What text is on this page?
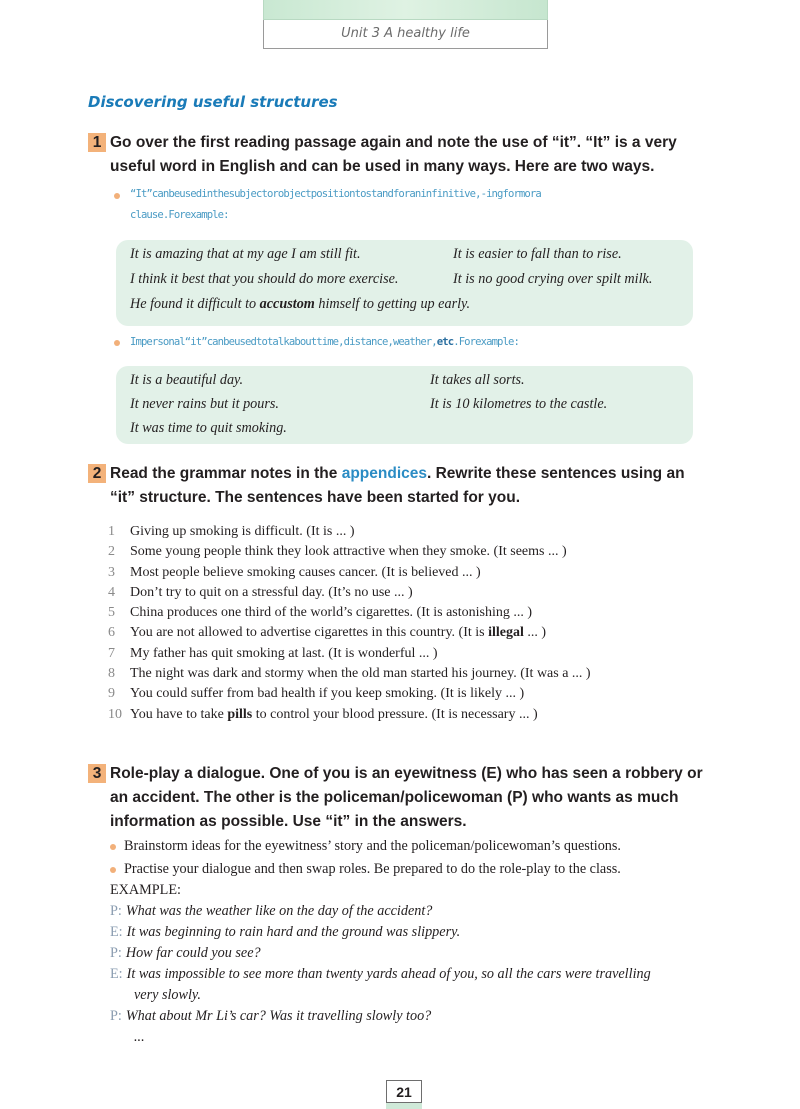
Unit 3 A healthy life
Discovering useful structures
1 Go over the first reading passage again and note the use of “it”. “It” is a very
useful word in English and can be used in many ways. Here are two ways.
“It”canbeusedinthesubjectorobjectpositiontostandforaninfinitive,-ingformora
clause.Forexample:
It is amazing that at my age I am still fit.	It is easier to fall than to rise.
I think it best that you should do more exercise.	It is no good crying over spilt milk.
He found it difficult to accustom himself to getting up early.
Impersonal“it”canbeusedtotalkabouttime,distance,weather,etc.Forexample:
It is a beautiful day.	It takes all sorts.
It never rains but it pours.	It is 10 kilometres to the castle.
It was time to quit smoking.
2 Read the grammar notes in the appendices. Rewrite these sentences using an
“it” structure. The sentences have been started for you.
1	Giving up smoking is difficult. (It is ... )
2	Some young people think they look attractive when they smoke. (It seems ... )
3	Most people believe smoking causes cancer. (It is believed ... )
4	Don’t try to quit on a stressful day. (It’s no use ... )
5	China produces one third of the world’s cigarettes. (It is astonishing ... )
6	You are not allowed to advertise cigarettes in this country. (It is illegal ... )
7	My father has quit smoking at last. (It is wonderful ... )
8	The night was dark and stormy when the old man started his journey. (It was a ... )
9	You could suffer from bad health if you keep smoking. (It is likely ... )
10 You have to take pills to control your blood pressure. (It is necessary ... )
3 Role-play a dialogue. One of you is an eyewitness (E) who has seen a robbery or
an accident. The other is the policeman/policewoman (P) who wants as much
information as possible. Use “it” in the answers.
Brainstorm ideas for the eyewitness’ story and the policeman/policewoman’s questions.
Practise your dialogue and then swap roles. Be prepared to do the role-play to the class.
EXAMPLE:
P: What was the weather like on the day of the accident?
E: It was beginning to rain hard and the ground was slippery.
P: How far could you see?
E: It was impossible to see more than twenty yards ahead of you, so all the cars were travelling
very slowly.
P: What about Mr Li’s car? Was it travelling slowly too?
...
21
